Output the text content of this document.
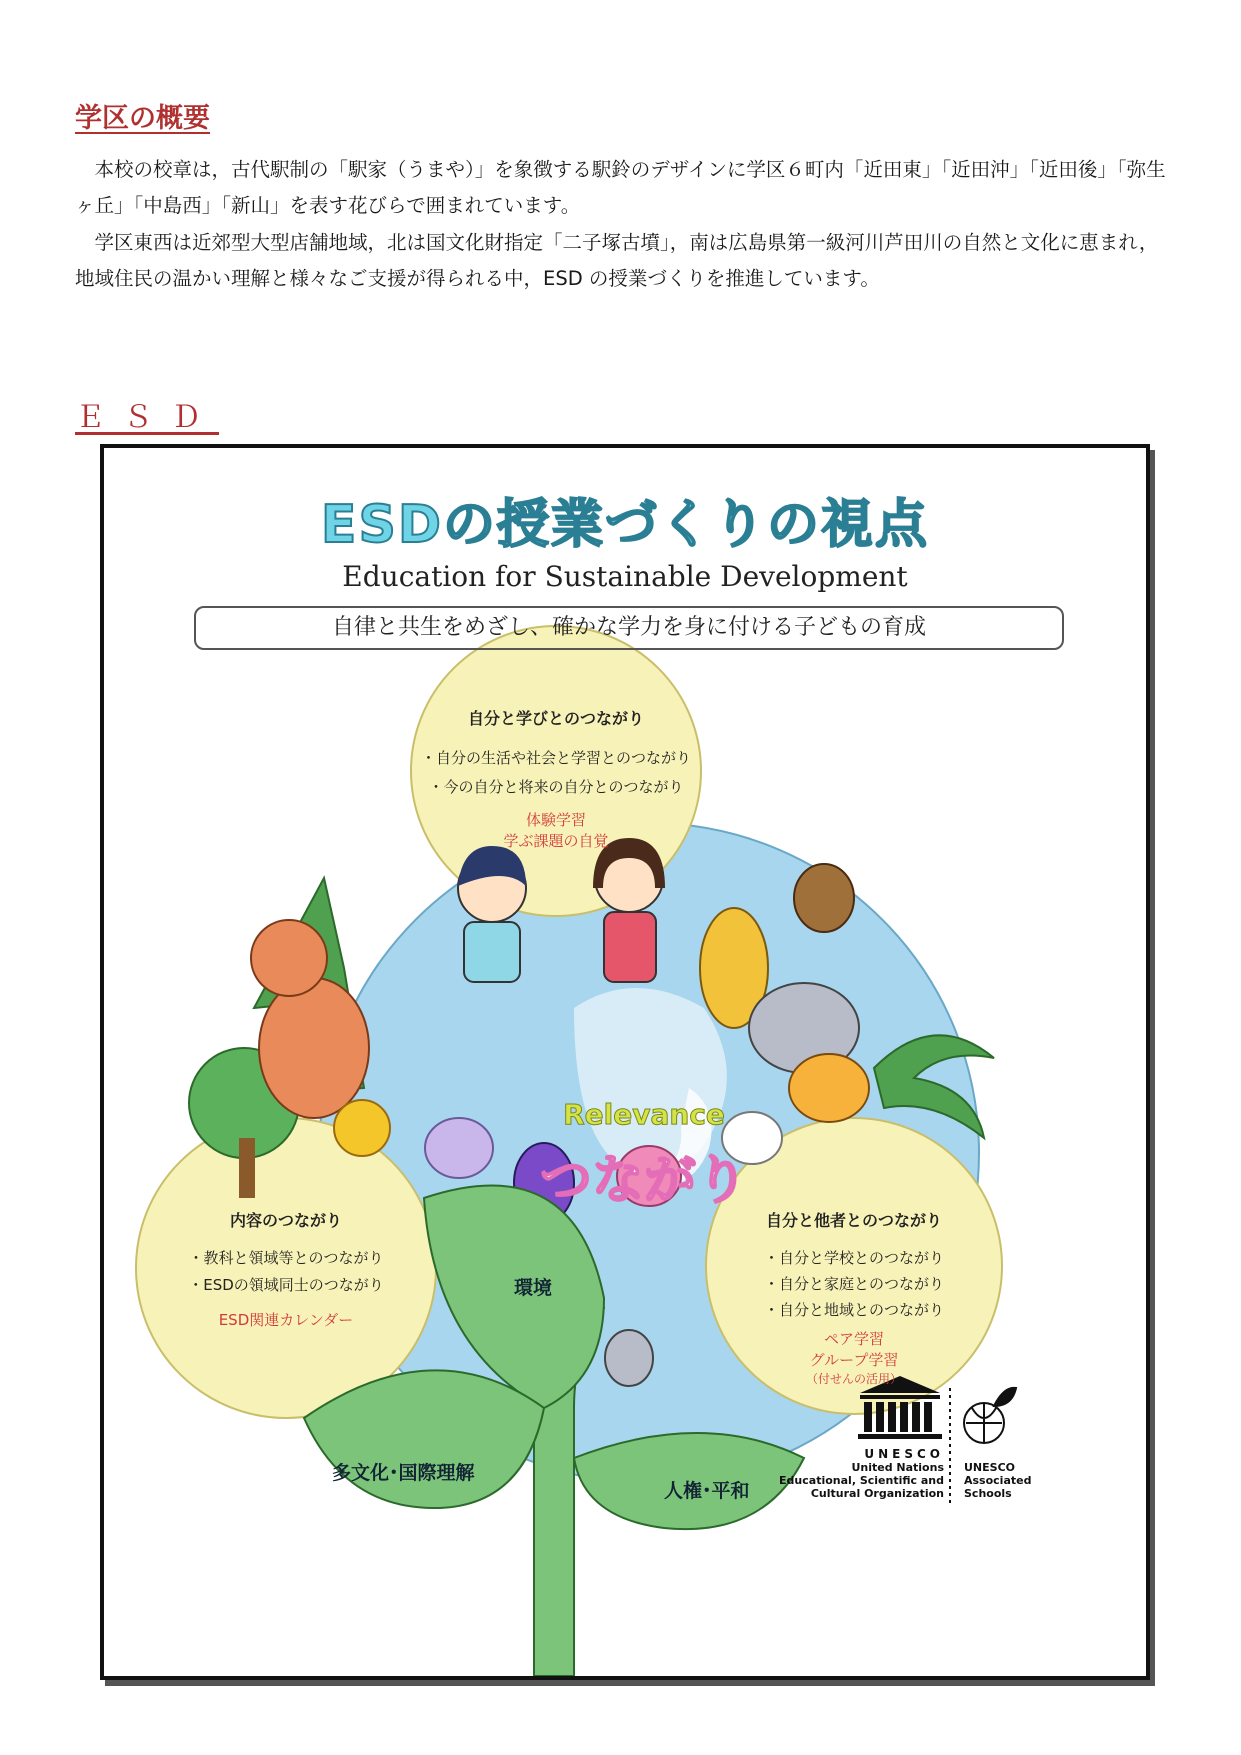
学区の概要

　本校の校章は，古代駅制の「駅家（うまや）」を象徴する駅鈴のデザインに学区６町内「近田東」「近田沖」「近田後」「弥生ヶ丘」「中島西」「新山」を表す花びらで囲まれています。

　学区東西は近郊型大型店舗地域，北は国文化財指定「二子塚古墳」，南は広島県第一級河川芦田川の自然と文化に恵まれ，地域住民の温かい理解と様々なご支援が得られる中，ESD の授業づくりを推進しています。

ＥＳＤ
ESDの授業づくりの視点
Education for Sustainable Development
自律と共生をめざし、確かな学力を身に付ける子どもの育成
自分と学びとのつながり
・自分の生活や社会と学習とのつながり
・今の自分と将来の自分とのつながり
体験学習
学ぶ課題の自覚
内容のつながり
・教科と領域等とのつながり
・ESDの領域同士のつながり
ESD関連カレンダー
自分と他者とのつながり
・自分と学校とのつながり
・自分と家庭とのつながり
・自分と地域とのつながり
ペア学習
グループ学習
（付せんの活用）
Relevance
つながり
環境
多文化･国際理解
人権･平和
UNESCO
United Nations
Educational, Scientific and
Cultural Organization
UNESCO
Associated
Schools
